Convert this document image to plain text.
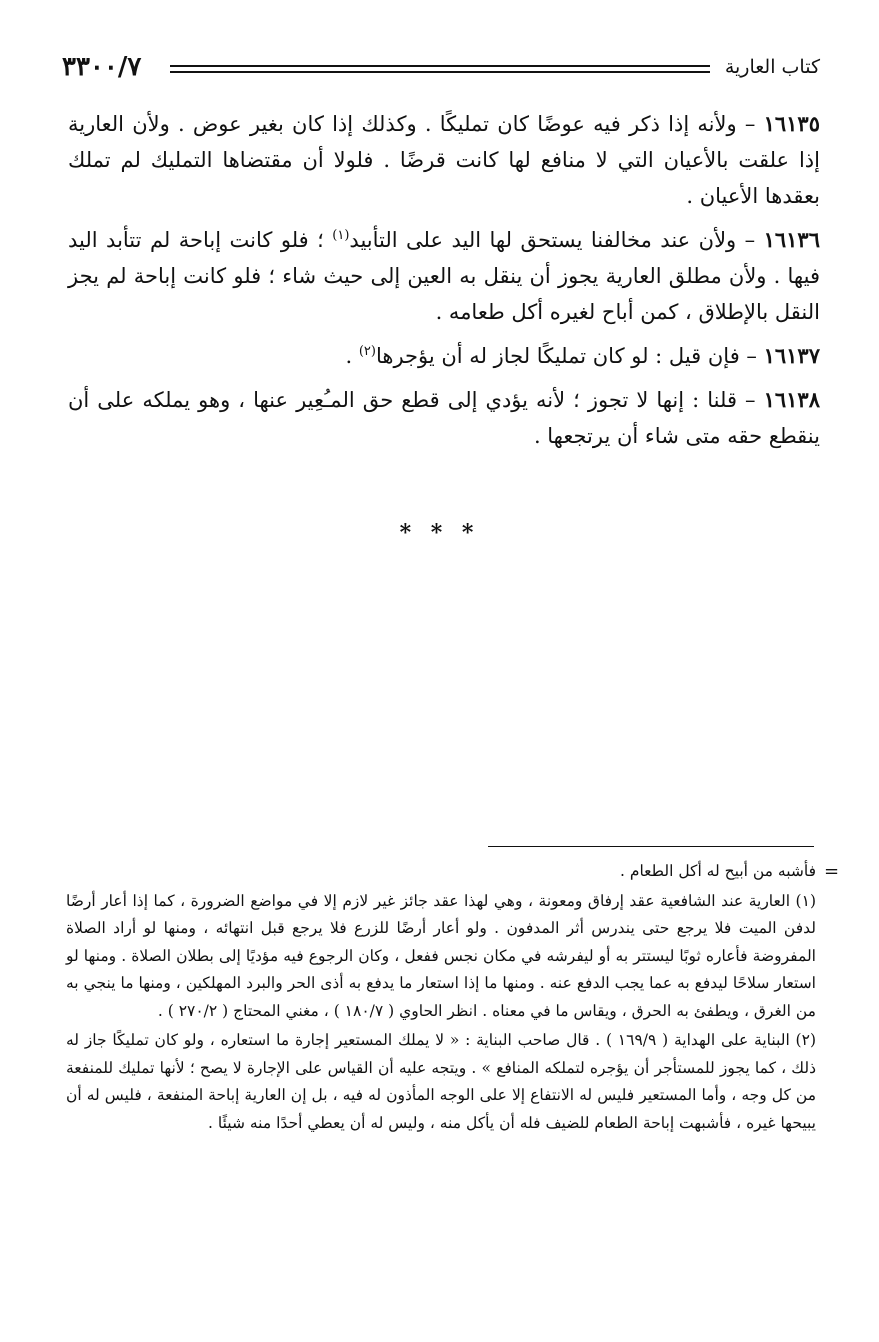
٣٣٠٠/٧	كتاب العارية

١٦١٣٥ – ولأنه إذا ذكر فيه عوضًا كان تمليكًا . وكذلك إذا كان بغير عوض . ولأن العارية إذا علقت بالأعيان التي لا منافع لها كانت قرضًا . فلولا أن مقتضاها التمليك لم تملك بعقدها الأعيان .

١٦١٣٦ – ولأن عند مخالفنا يستحق لها اليد على التأبيد$^{(١)}$ ؛ فلو كانت إباحة لم تتأبد اليد فيها . ولأن مطلق العارية يجوز أن ينقل به العين إلى حيث شاء ؛ فلو كانت إباحة لم يجز النقل بالإطلاق ، كمن أباح لغيره أكل طعامه .

١٦١٣٧ – فإن قيل : لو كان تمليكًا لجاز له أن يؤجرها$^{(٢)}$ .

١٦١٣٨ – قلنا : إنها لا تجوز ؛ لأنه يؤدي إلى قطع حق المـُعِير عنها ، وهو يملكه على أن ينقطع حقه متى شاء أن يرتجعها .

* * *
=

فأشبه من أبيح له أكل الطعام .

(١) العارية عند الشافعية عقد إرفاق ومعونة ، وهي لهذا عقد جائز غير لازم إلا في مواضع الضرورة ، كما إذا أعار أرضًا لدفن الميت فلا يرجع حتى يندرس أثر المدفون . ولو أعار أرضًا للزرع فلا يرجع قبل انتهائه ، ومنها لو أراد الصلاة المفروضة فأعاره ثوبًا ليستتر به أو ليفرشه في مكان نجس ففعل ، وكان الرجوع فيه مؤديًا إلى بطلان الصلاة . ومنها لو استعار سلاحًا ليدفع به عما يجب الدفع عنه . ومنها ما إذا استعار ما يدفع به أذى الحر والبرد المهلكين ، ومنها ما ينجي به من الغرق ، ويطفئ به الحرق ، ويقاس ما في معناه . انظر الحاوي ( ١٨٠/٧ ) ، مغني المحتاج ( ٢٧٠/٢ ) .

(٢) البناية على الهداية ( ١٦٩/٩ ) . قال صاحب البناية : « لا يملك المستعير إجارة ما استعاره ، ولو كان تمليكًا جاز له ذلك ، كما يجوز للمستأجر أن يؤجره لتملكه المنافع » . ويتجه عليه أن القياس على الإجارة لا يصح ؛ لأنها تمليك للمنفعة من كل وجه ، وأما المستعير فليس له الانتفاع إلا على الوجه المأذون له فيه ، بل إن العارية إباحة المنفعة ، فليس له أن يبيحها غيره ، فأشبهت إباحة الطعام للضيف فله أن يأكل منه ، وليس له أن يعطي أحدًا منه شيئًا .
